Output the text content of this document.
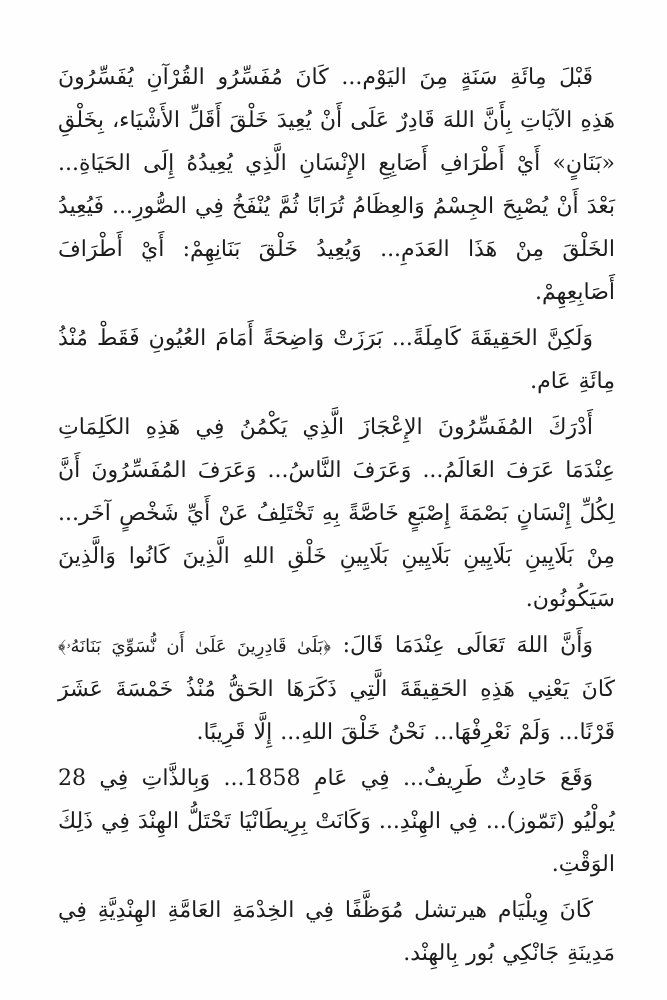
قَبْلَ مِائَةِ سَنَةٍ مِنَ اليَوْم... كَانَ مُفَسِّرُو القُرْآنِ يُفَسِّرُونَ هَذِهِ الآيَاتِ بِأَنَّ اللهَ قَادِرٌ عَلَى أَنْ يُعِيدَ خَلْقَ أَقَلِّ الأَشْيَاء، بِخَلْقِ «بَنَانٍ» أَيْ أَطْرَافِ أَصَابِعِ الإِنْسَانِ الَّذِي يُعِيدُهُ إِلَى الحَيَاةِ... بَعْدَ أَنْ يُصْبِحَ الجِسْمُ وَالعِظَامُ تُرَابًا ثُمَّ يُنْفَخُ فِي الصُّورِ... فَيُعِيدُ الخَلْقَ مِنْ هَذَا العَدَمِ... وَيُعِيدُ خَلْقَ بَنَانِهِمْ: أَيْ أَطْرَافَ أَصَابِعِهِمْ.

وَلَكِنَّ الحَقِيقَةَ كَامِلَةً... بَرَزَتْ وَاضِحَةً أَمَامَ العُيُونِ فَقَطْ مُنْذُ مِائَةِ عَام.

أَدْرَكَ المُفَسِّرُونَ الإِعْجَازَ الَّذِي يَكْمُنُ فِي هَذِهِ الكَلِمَاتِ عِنْدَمَا عَرَفَ العَالَمُ... وَعَرَفَ النَّاسُ... وَعَرَفَ المُفَسِّرُونَ أَنَّ لِكُلِّ إِنْسَانٍ بَصْمَةَ إِصْبَعٍ خَاصَّةً بِهِ تَخْتَلِفُ عَنْ أَيِّ شَخْصٍ آخَر... مِنْ بَلَايِينِ بَلَايِينِ بَلَايِينِ بَلَايِينِ خَلْقِ اللهِ الَّذِينَ كَانُوا وَالَّذِينَ سَيَكُونُون.

وَأَنَّ اللهَ تَعَالَى عِنْدَمَا قَالَ: ﴿بَلَىٰ قَادِرِينَ عَلَىٰ أَن نُّسَوِّيَ بَنَانَهُۥ﴾ كَانَ يَعْنِي هَذِهِ الحَقِيقَةَ الَّتِي ذَكَرَهَا الحَقُّ مُنْذُ خَمْسَةَ عَشَرَ قَرْنًا... وَلَمْ نَعْرِفْهَا... نَحْنُ خَلْقَ اللهِ... إِلَّا قَرِيبًا.

وَقَعَ حَادِثٌ طَرِيفٌ... فِي عَامِ 1858... وَبِالذَّاتِ فِي 28 يُولْيُو (تَمّوز)... فِي الهِنْدِ... وَكَانَتْ بِرِيطَانْيَا تَحْتَلُّ الهِنْدَ فِي ذَلِكَ الوَقْتِ.

كَانَ وِيلْيَام هيرتشل مُوَظَّفًا فِي الخِدْمَةِ العَامَّةِ الهِنْدِيَّةِ فِي مَدِينَةِ جَانْكِي بُور بِالهِنْد.
